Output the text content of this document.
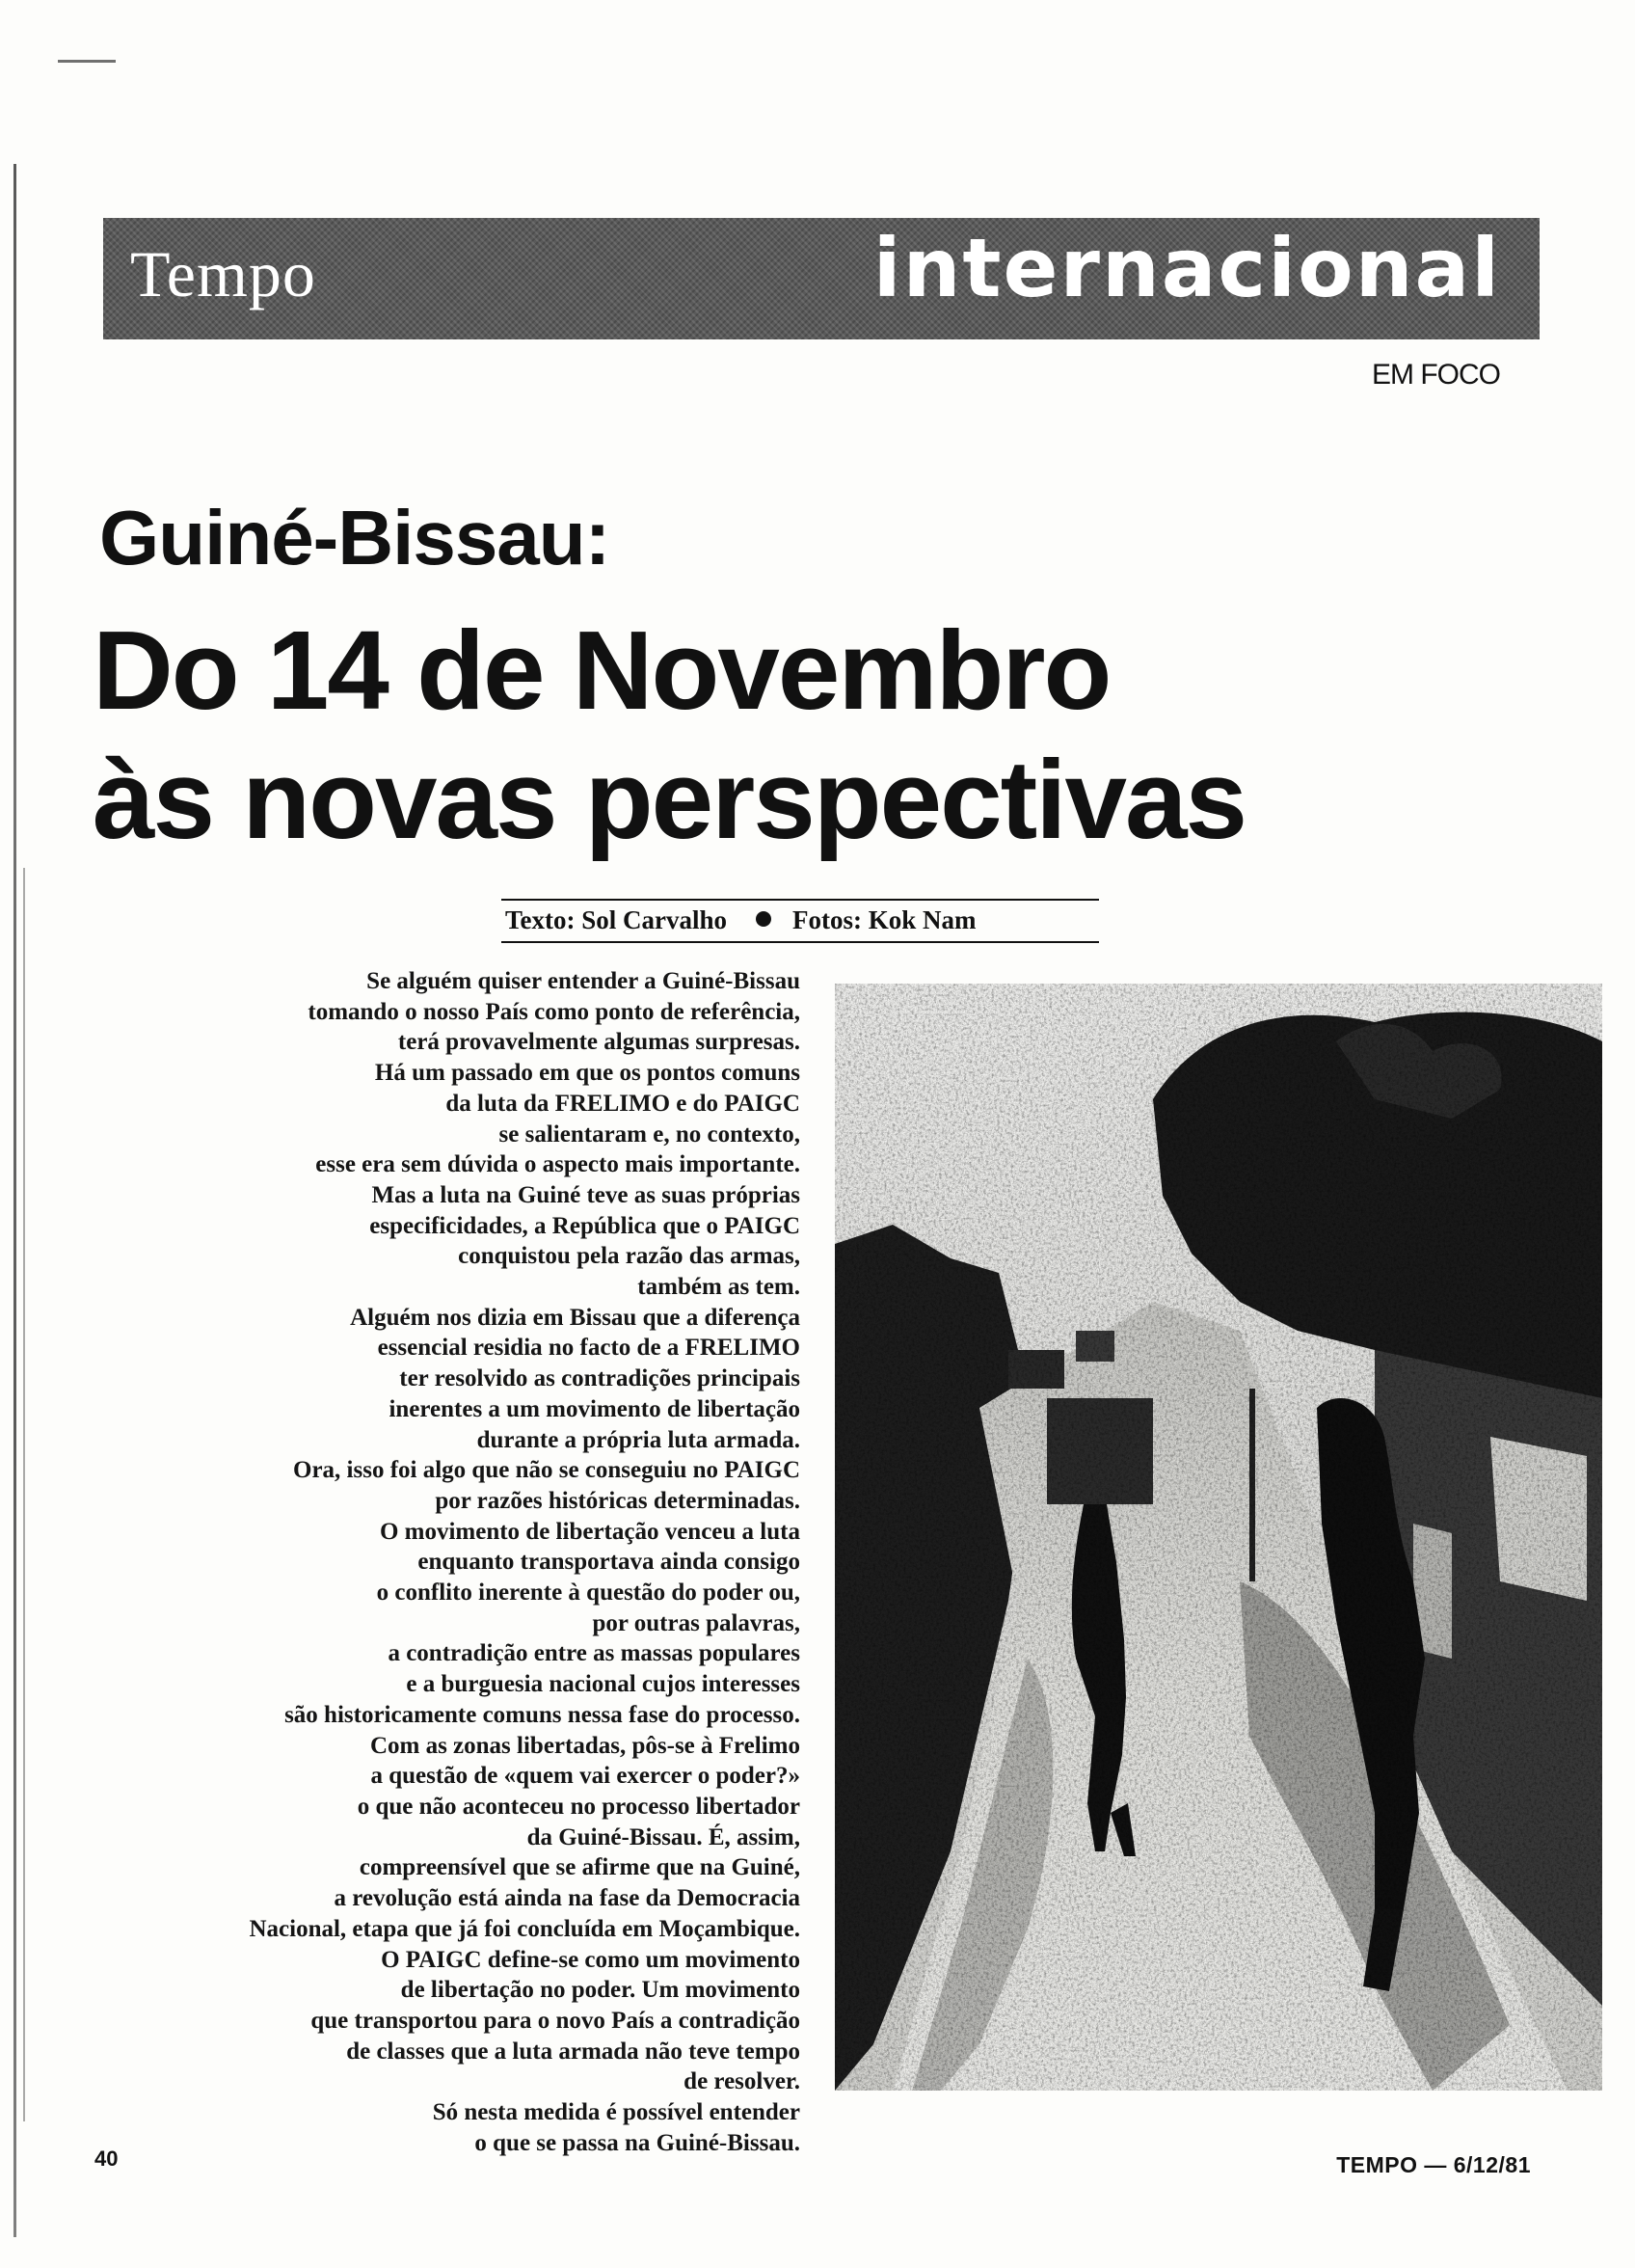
Tempo	internacional
EM FOCO
Guiné-Bissau:
Do 14 de Novembro
às novas perspectivas
Texto: Sol Carvalho	Fotos: Kok Nam
Se alguém quiser entender a Guiné-Bissau
tomando o nosso País como ponto de referência,
terá provavelmente algumas surpresas.
Há um passado em que os pontos comuns
da luta da FRELIMO e do PAIGC
se salientaram e, no contexto,
esse era sem dúvida o aspecto mais importante.
Mas a luta na Guiné teve as suas próprias
especificidades, a República que o PAIGC
conquistou pela razão das armas,
também as tem.
Alguém nos dizia em Bissau que a diferença
essencial residia no facto de a FRELIMO
ter resolvido as contradições principais
inerentes a um movimento de libertação
durante a própria luta armada.
Ora, isso foi algo que não se conseguiu no PAIGC
por razões históricas determinadas.
O movimento de libertação venceu a luta
enquanto transportava ainda consigo
o conflito inerente à questão do poder ou,
por outras palavras,
a contradição entre as massas populares
e a burguesia nacional cujos interesses
são historicamente comuns nessa fase do processo.
Com as zonas libertadas, pôs-se à Frelimo
a questão de «quem vai exercer o poder?»
o que não aconteceu no processo libertador
da Guiné-Bissau. É, assim,
compreensível que se afirme que na Guiné,
a revolução está ainda na fase da Democracia
Nacional, etapa que já foi concluída em Moçambique.
O PAIGC define-se como um movimento
de libertação no poder. Um movimento
que transportou para o novo País a contradição
de classes que a luta armada não teve tempo
de resolver.
Só nesta medida é possível entender
o que se passa na Guiné-Bissau.
40	TEMPO — 6/12/81
